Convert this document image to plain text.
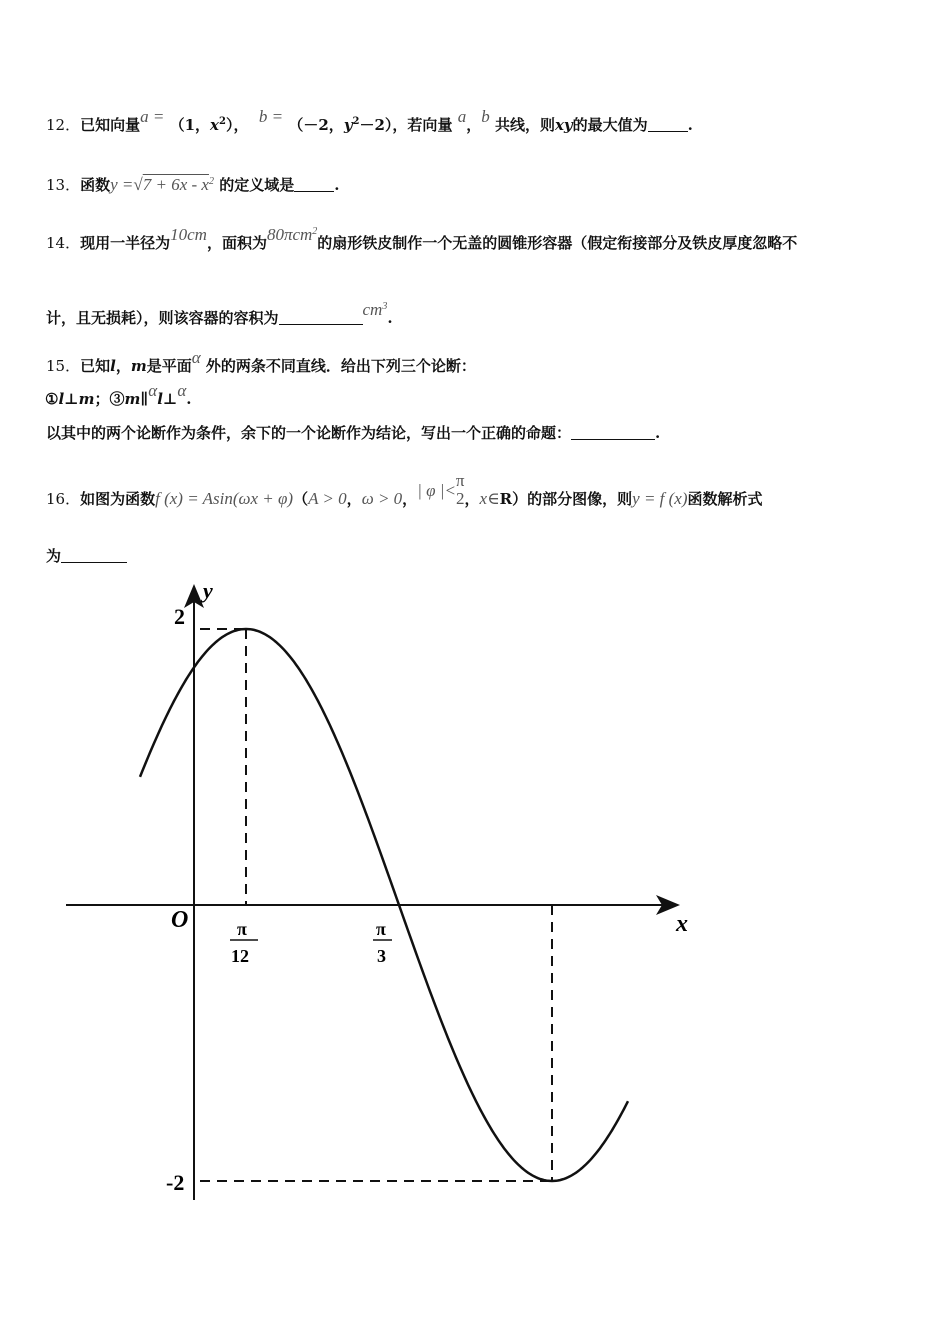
12．已知向量a = （1，$x^2$）， b = （－2，$y^2-2$），若向量 a，b 共线，则xy的最大值为	.
13．函数$y =√7 + 6x - x^2$ 的定义域是	.
14．现用一半径为10cm，面积为80πcm$^2$的扇形铁皮制作一个无盖的圆锥形容器（假定衔接部分及铁皮厚度忽略不
计，且无损耗），则该容器的容积为	$cm^3$.
15．已知l，m是平面α 外的两条不同直线．给出下列三个论断：
①l⊥m；③m∥αl⊥α.
以其中的两个论断作为条件，余下的一个论断作为结论，写出一个正确的命题：	.
16．如图为函数f (x) = Asin(ωx + φ)（A > 0，ω > 0，| φ |<
π
2 ，x∈R）的部分图像，则y = f (x)函数解析式
为
y
x
O
2
-2
π
12
π
3
